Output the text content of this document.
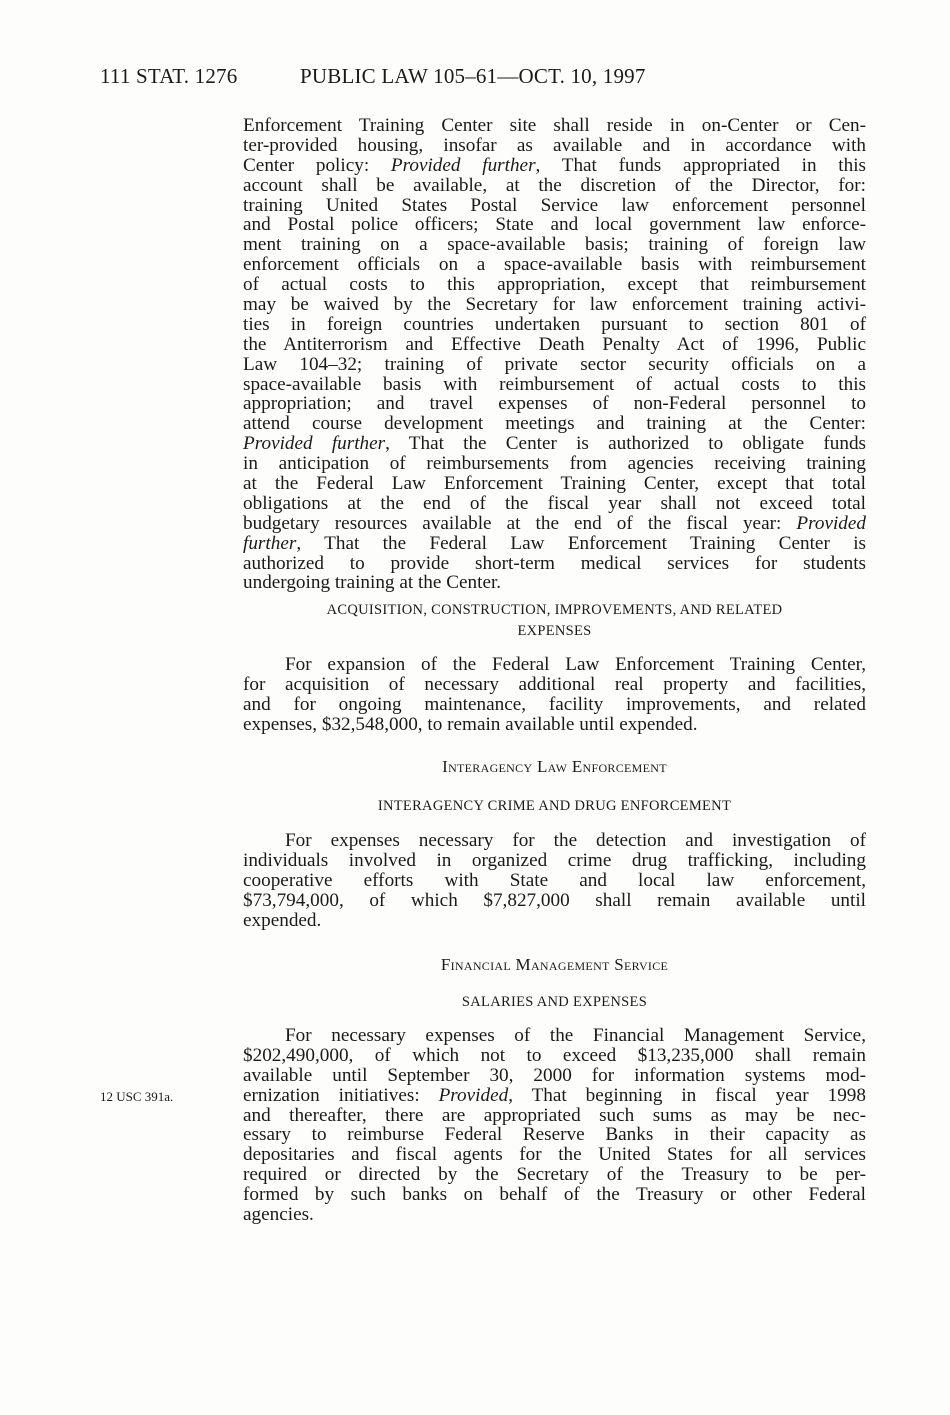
111 STAT. 1276	PUBLIC LAW 105–61—OCT. 10, 1997
Enforcement Training Center site shall reside in on-Center or Cen-
ter-provided housing, insofar as available and in accordance with
Center policy: Provided further, That funds appropriated in this
account shall be available, at the discretion of the Director, for:
training United States Postal Service law enforcement personnel
and Postal police officers; State and local government law enforce-
ment training on a space-available basis; training of foreign law
enforcement officials on a space-available basis with reimbursement
of actual costs to this appropriation, except that reimbursement
may be waived by the Secretary for law enforcement training activi-
ties in foreign countries undertaken pursuant to section 801 of
the Antiterrorism and Effective Death Penalty Act of 1996, Public
Law 104–32; training of private sector security officials on a
space-available basis with reimbursement of actual costs to this
appropriation; and travel expenses of non-Federal personnel to
attend course development meetings and training at the Center:
Provided further, That the Center is authorized to obligate funds
in anticipation of reimbursements from agencies receiving training
at the Federal Law Enforcement Training Center, except that total
obligations at the end of the fiscal year shall not exceed total
budgetary resources available at the end of the fiscal year: Provided
further, That the Federal Law Enforcement Training Center is
authorized to provide short-term medical services for students
undergoing training at the Center.
ACQUISITION, CONSTRUCTION, IMPROVEMENTS, AND RELATED
EXPENSES
For expansion of the Federal Law Enforcement Training Center,
for acquisition of necessary additional real property and facilities,
and for ongoing maintenance, facility improvements, and related
expenses, $32,548,000, to remain available until expended.
Interagency Law Enforcement
INTERAGENCY CRIME AND DRUG ENFORCEMENT
For expenses necessary for the detection and investigation of
individuals involved in organized crime drug trafficking, including
cooperative efforts with State and local law enforcement,
$73,794,000, of which $7,827,000 shall remain available until
expended.
Financial Management Service
SALARIES AND EXPENSES
For necessary expenses of the Financial Management Service,
$202,490,000, of which not to exceed $13,235,000 shall remain
available until September 30, 2000 for information systems mod-
ernization initiatives: Provided, That beginning in fiscal year 1998
and thereafter, there are appropriated such sums as may be nec-
essary to reimburse Federal Reserve Banks in their capacity as
depositaries and fiscal agents for the United States for all services
required or directed by the Secretary of the Treasury to be per-
formed by such banks on behalf of the Treasury or other Federal
agencies.
12 USC 391a.
